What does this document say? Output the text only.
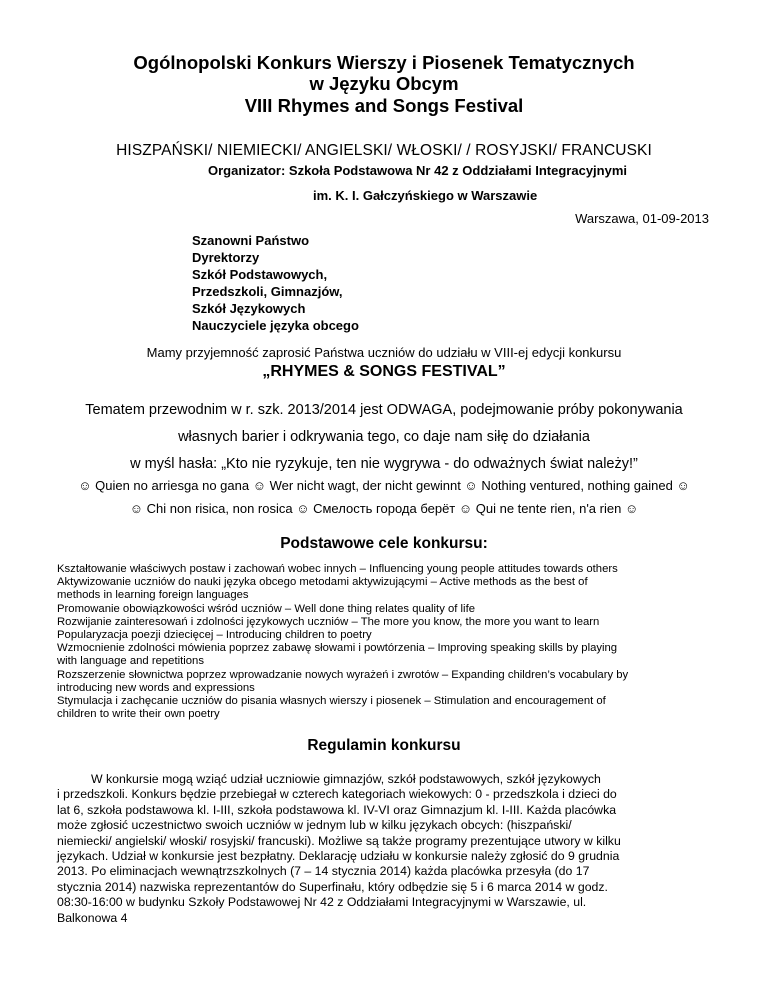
Ogólnopolski Konkurs Wierszy i Piosenek Tematycznych
w Języku Obcym
VIII Rhymes and Songs Festival
HISZPAŃSKI/ NIEMIECKI/ ANGIELSKI/ WŁOSKI/ / ROSYJSKI/ FRANCUSKI
Organizator: Szkoła Podstawowa Nr 42 z Oddziałami Integracyjnymi
im. K. I. Gałczyńskiego w Warszawie
Warszawa, 01-09-2013
Szanowni Państwo
Dyrektorzy
Szkół Podstawowych,
Przedszkoli, Gimnazjów,
Szkół Językowych
Nauczyciele języka obcego
Mamy przyjemność zaprosić Państwa uczniów do udziału w VIII-ej edycji konkursu
„RHYMES & SONGS FESTIVAL”
Tematem przewodnim w r. szk. 2013/2014 jest ODWAGA, podejmowanie próby pokonywania
własnych barier i odkrywania tego, co daje nam siłę do działania
w myśl hasła: „Kto nie ryzykuje, ten nie wygrywa - do odważnych świat należy!”
☺ Quien no arriesga no gana ☺ Wer nicht wagt, der nicht gewinnt ☺ Nothing ventured, nothing gained ☺
☺ Chi non risica, non rosica ☺ Смелость города берёт ☺ Qui ne tente rien, n'a rien ☺
Podstawowe cele konkursu:
Kształtowanie właściwych postaw i zachowań wobec innych – Influencing young people attitudes towards others
Aktywizowanie uczniów do nauki języka obcego metodami aktywizującymi – Active methods as the best of
methods in learning foreign languages
Promowanie obowiązkowości wśród uczniów – Well done thing relates quality of life
Rozwijanie zainteresowań i zdolności językowych uczniów – The more you know, the more you want to learn
Popularyzacja poezji dziecięcej – Introducing children to poetry
Wzmocnienie zdolności mówienia poprzez zabawę słowami i powtórzenia – Improving speaking skills by playing
with language and repetitions
Rozszerzenie słownictwa poprzez wprowadzanie nowych wyrażeń i zwrotów – Expanding children’s vocabulary by
introducing new words and expressions
Stymulacja i zachęcanie uczniów do pisania własnych wierszy i piosenek – Stimulation and encouragement of
children to write their own poetry
Regulamin konkursu
W konkursie mogą wziąć udział uczniowie gimnazjów, szkół podstawowych, szkół językowych
i przedszkoli. Konkurs będzie przebiegał w czterech kategoriach wiekowych: 0 - przedszkola i dzieci do
lat 6, szkoła podstawowa kl. I-III, szkoła podstawowa kl. IV-VI oraz Gimnazjum kl. I-III. Każda placówka
może zgłosić uczestnictwo swoich uczniów w jednym lub w kilku językach obcych: (hiszpański/
niemiecki/ angielski/ włoski/ rosyjski/ francuski). Możliwe są także programy prezentujące utwory w kilku
językach. Udział w konkursie jest bezpłatny. Deklarację udziału w konkursie należy zgłosić do 9 grudnia
2013. Po eliminacjach wewnątrzszkolnych (7 – 14 stycznia 2014) każda placówka przesyła (do 17
stycznia 2014) nazwiska reprezentantów do Superfinału, który odbędzie się 5 i 6 marca 2014 w godz.
08:30-16:00 w budynku Szkoły Podstawowej Nr 42 z Oddziałami Integracyjnymi w Warszawie, ul.
Balkonowa 4
